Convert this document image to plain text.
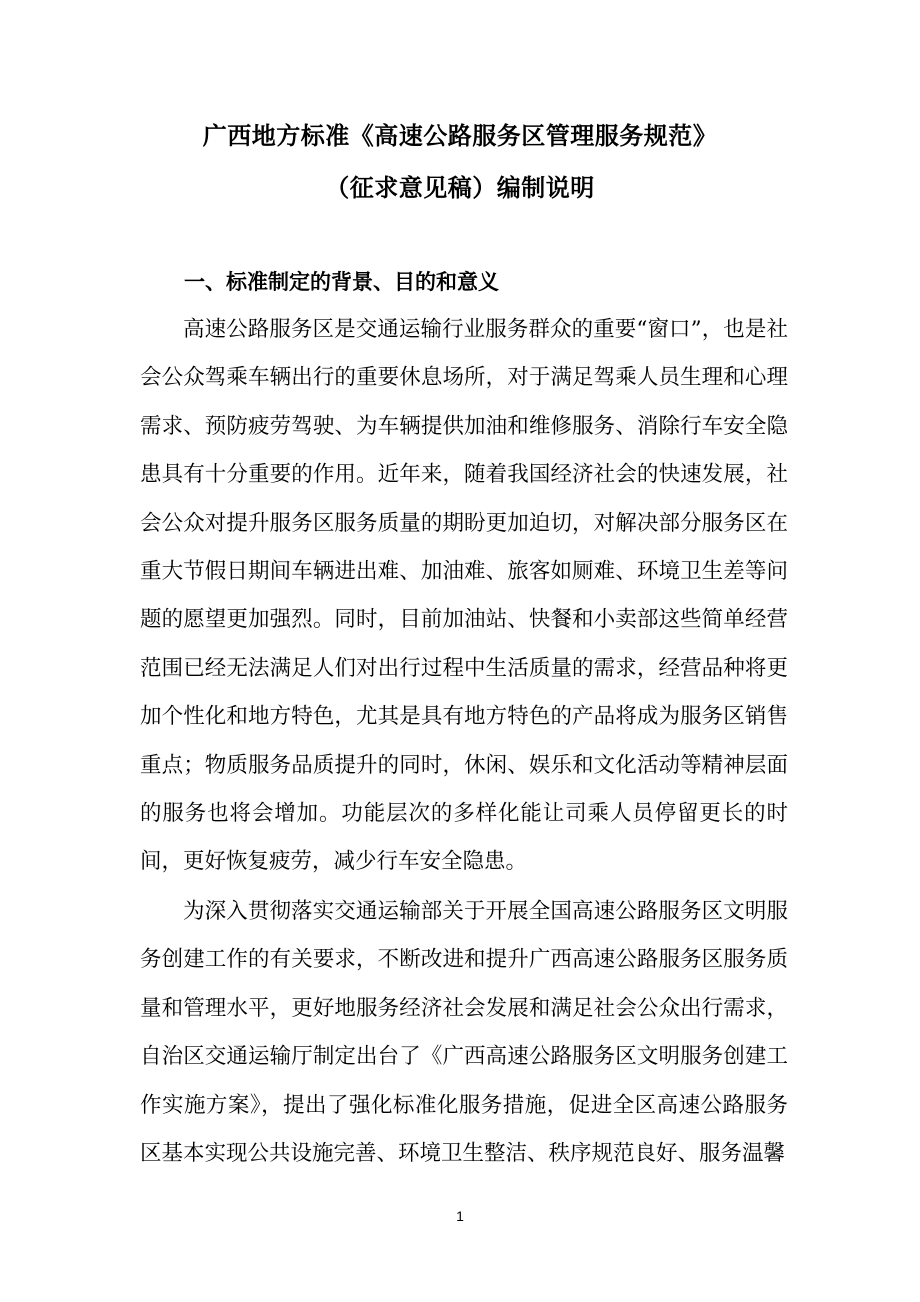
广西地方标准《高速公路服务区管理服务规范》
（征求意见稿）编制说明
一、标准制定的背景、目的和意义

高速公路服务区是交通运输行业服务群众的重要“窗口”，也是社会公众驾乘车辆出行的重要休息场所，对于满足驾乘人员生理和心理需求、预防疲劳驾驶、为车辆提供加油和维修服务、消除行车安全隐患具有十分重要的作用。近年来，随着我国经济社会的快速发展，社会公众对提升服务区服务质量的期盼更加迫切，对解决部分服务区在重大节假日期间车辆进出难、加油难、旅客如厕难、环境卫生差等问题的愿望更加强烈。同时，目前加油站、快餐和小卖部这些简单经营范围已经无法满足人们对出行过程中生活质量的需求，经营品种将更加个性化和地方特色，尤其是具有地方特色的产品将成为服务区销售重点；物质服务品质提升的同时，休闲、娱乐和文化活动等精神层面的服务也将会增加。功能层次的多样化能让司乘人员停留更长的时间，更好恢复疲劳，减少行车安全隐患。

为深入贯彻落实交通运输部关于开展全国高速公路服务区文明服务创建工作的有关要求，不断改进和提升广西高速公路服务区服务质量和管理水平，更好地服务经济社会发展和满足社会公众出行需求，自治区交通运输厅制定出台了《广西高速公路服务区文明服务创建工作实施方案》，提出了强化标准化服务措施，促进全区高速公路服务区基本实现公共设施完善、环境卫生整洁、秩序规范良好、服务温馨

1
